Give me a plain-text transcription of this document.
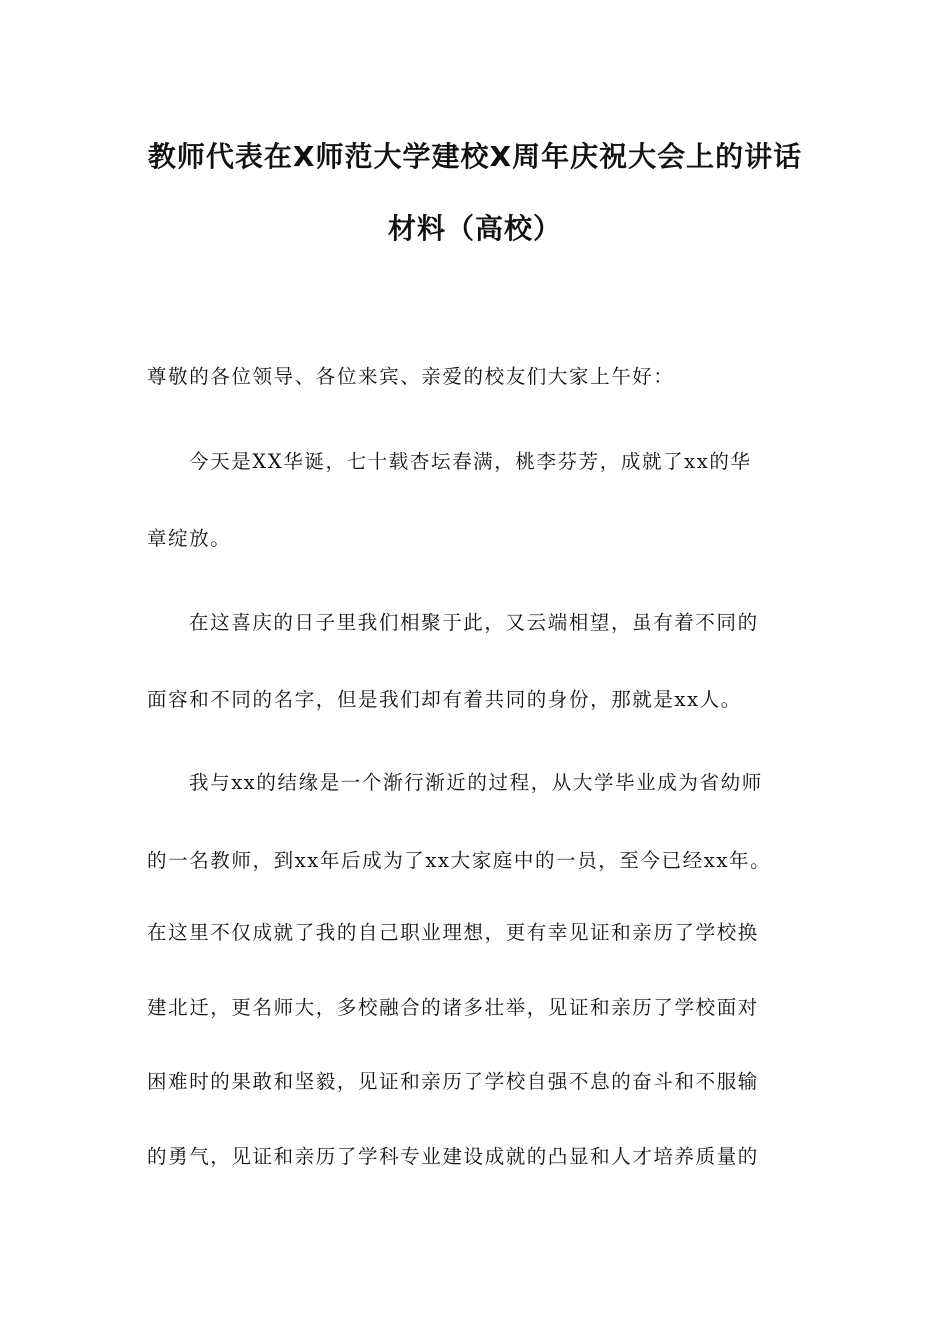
教师代表在X师范大学建校X周年庆祝大会上的讲话
材料（高校）
尊敬的各位领导、各位来宾、亲爱的校友们大家上午好：
今天是XX华诞，七十载杏坛春满，桃李芬芳，成就了xx的华
章绽放。
在这喜庆的日子里我们相聚于此，又云端相望，虽有着不同的
面容和不同的名字，但是我们却有着共同的身份，那就是xx人。
我与xx的结缘是一个渐行渐近的过程，从大学毕业成为省幼师
的一名教师，到xx年后成为了xx大家庭中的一员，至今已经xx年。
在这里不仅成就了我的自己职业理想，更有幸见证和亲历了学校换
建北迁，更名师大，多校融合的诸多壮举，见证和亲历了学校面对
困难时的果敢和坚毅，见证和亲历了学校自强不息的奋斗和不服输
的勇气，见证和亲历了学科专业建设成就的凸显和人才培养质量的
